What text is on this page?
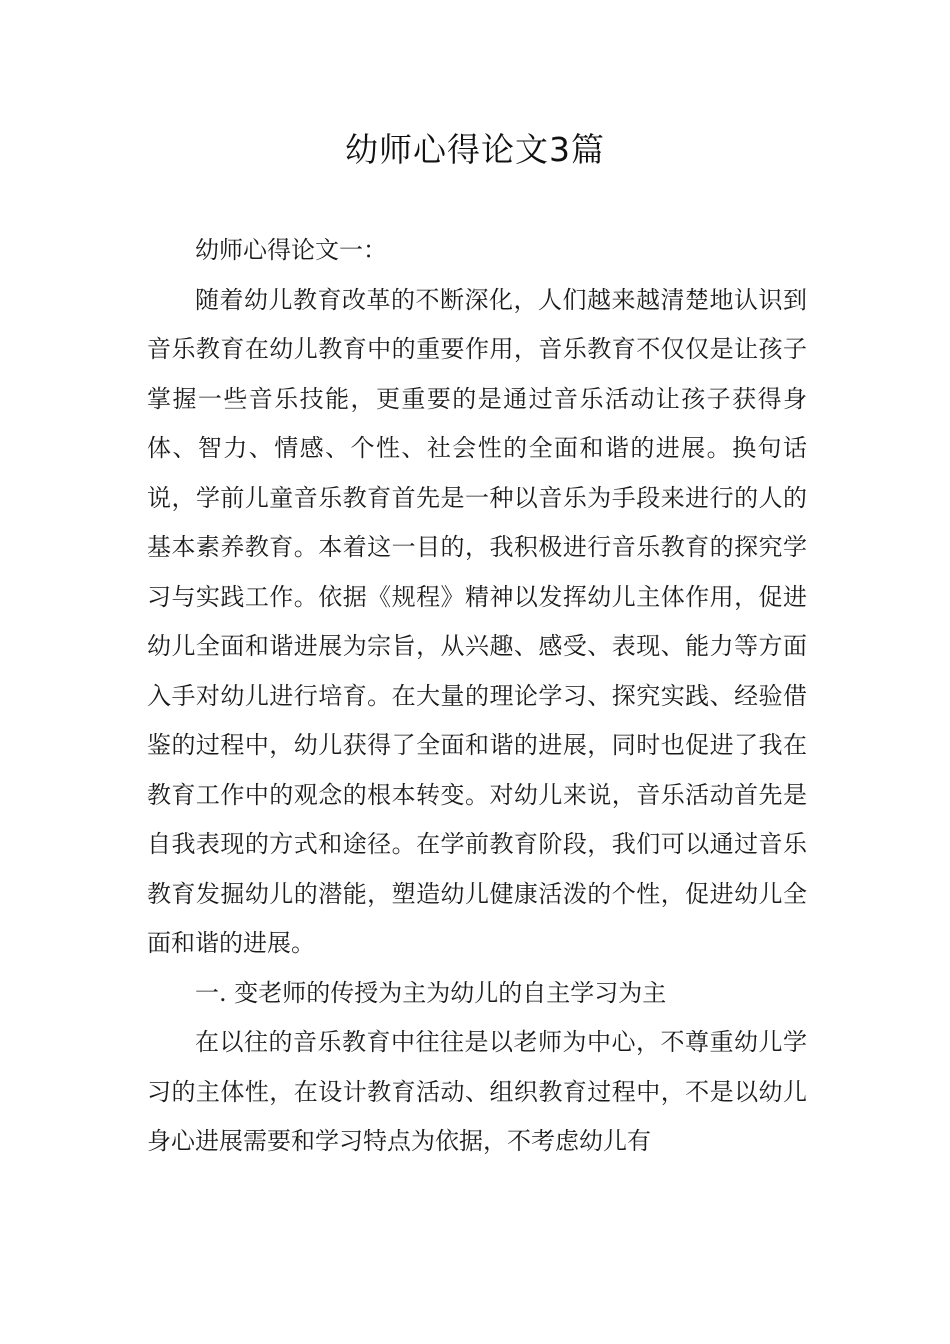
幼师心得论文3篇

幼师心得论文一：

随着幼儿教育改革的不断深化，人们越来越清楚地认识到音乐教育在幼儿教育中的重要作用，音乐教育不仅仅是让孩子掌握一些音乐技能，更重要的是通过音乐活动让孩子获得身体、智力、情感、个性、社会性的全面和谐的进展。换句话说，学前儿童音乐教育首先是一种以音乐为手段来进行的人的基本素养教育。本着这一目的，我积极进行音乐教育的探究学习与实践工作。依据《规程》精神以发挥幼儿主体作用，促进幼儿全面和谐进展为宗旨，从兴趣、感受、表现、能力等方面入手对幼儿进行培育。在大量的理论学习、探究实践、经验借鉴的过程中，幼儿获得了全面和谐的进展，同时也促进了我在教育工作中的观念的根本转变。对幼儿来说，音乐活动首先是自我表现的方式和途径。在学前教育阶段，我们可以通过音乐教育发掘幼儿的潜能，塑造幼儿健康活泼的个性，促进幼儿全面和谐的进展。

一. 变老师的传授为主为幼儿的自主学习为主

在以往的音乐教育中往往是以老师为中心，不尊重幼儿学习的主体性，在设计教育活动、组织教育过程中，不是以幼儿身心进展需要和学习特点为依据，不考虑幼儿有
